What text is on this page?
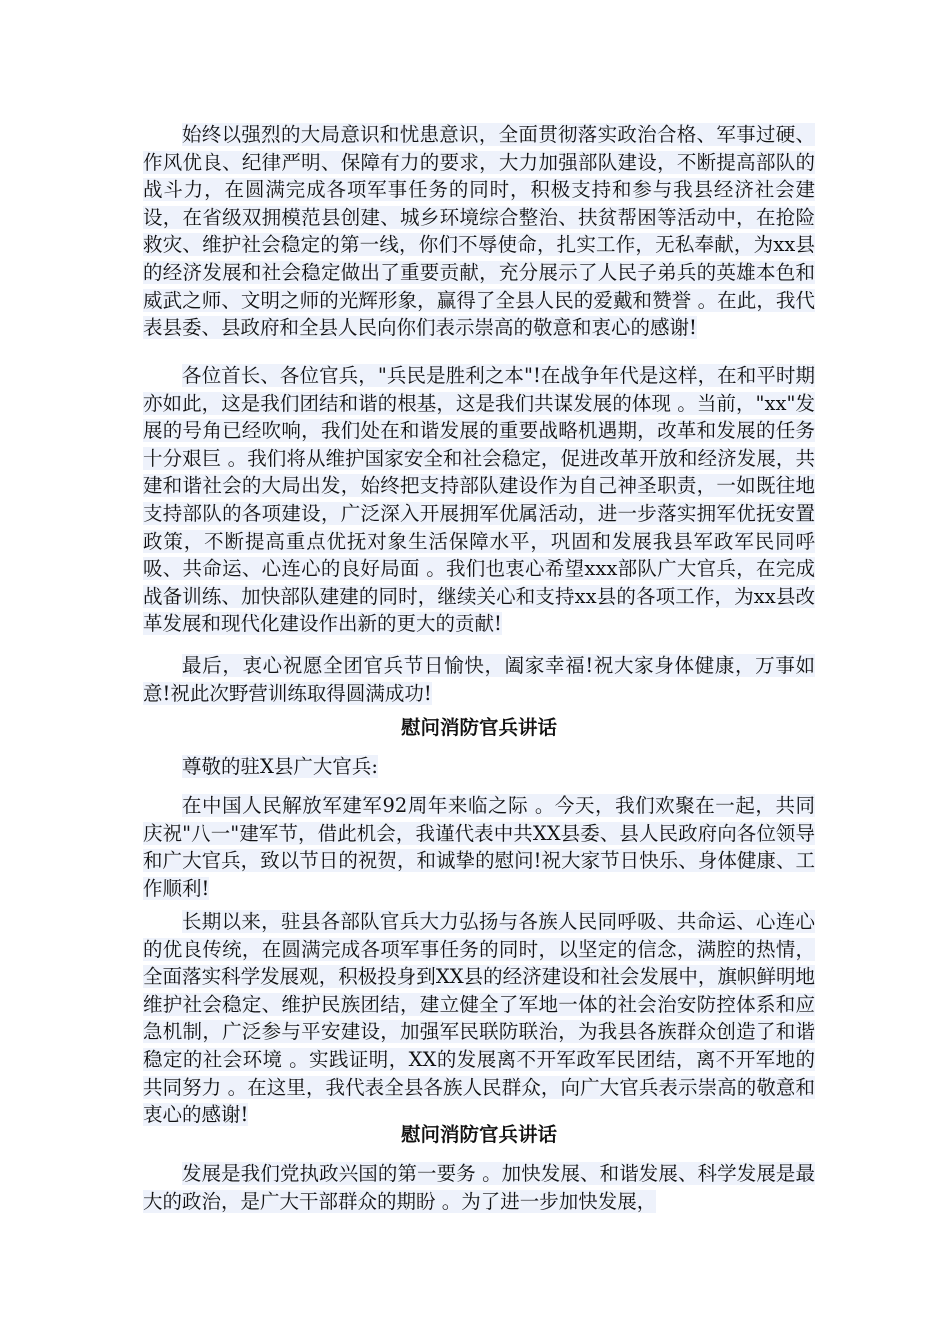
始终以强烈的大局意识和忧患意识，全面贯彻落实政治合格、军事过硬、作风优良、纪律严明、保障有力的要求，大力加强部队建设，不断提高部队的战斗力，在圆满完成各项军事任务的同时，积极支持和参与我县经济社会建设，在省级双拥模范县创建、城乡环境综合整治、扶贫帮困等活动中，在抢险救灾、维护社会稳定的第一线，你们不辱使命，扎实工作，无私奉献，为xx县的经济发展和社会稳定做出了重要贡献，充分展示了人民子弟兵的英雄本色和威武之师、文明之师的光辉形象，赢得了全县人民的爱戴和赞誉 。在此，我代表县委、县政府和全县人民向你们表示崇高的敬意和衷心的感谢!

各位首长、各位官兵，"兵民是胜利之本"!在战争年代是这样，在和平时期亦如此，这是我们团结和谐的根基，这是我们共谋发展的体现 。当前，"xx"发展的号角已经吹响，我们处在和谐发展的重要战略机遇期，改革和发展的任务十分艰巨 。我们将从维护国家安全和社会稳定，促进改革开放和经济发展，共建和谐社会的大局出发，始终把支持部队建设作为自己神圣职责，一如既往地支持部队的各项建设，广泛深入开展拥军优属活动，进一步落实拥军优抚安置政策，不断提高重点优抚对象生活保障水平，巩固和发展我县军政军民同呼吸、共命运、心连心的良好局面 。我们也衷心希望xxx部队广大官兵，在完成战备训练、加快部队建建的同时，继续关心和支持xx县的各项工作，为xx县改革发展和现代化建设作出新的更大的贡献!

最后，衷心祝愿全团官兵节日愉快，阖家幸福!祝大家身体健康，万事如意!祝此次野营训练取得圆满成功!

慰问消防官兵讲话

尊敬的驻X县广大官兵:

在中国人民解放军建军92周年来临之际 。今天，我们欢聚在一起，共同庆祝"八一"建军节，借此机会，我谨代表中共XX县委、县人民政府向各位领导和广大官兵，致以节日的祝贺，和诚挚的慰问!祝大家节日快乐、身体健康、工作顺利!

长期以来，驻县各部队官兵大力弘扬与各族人民同呼吸、共命运、心连心的优良传统，在圆满完成各项军事任务的同时，以坚定的信念，满腔的热情，全面落实科学发展观，积极投身到XX县的经济建设和社会发展中，旗帜鲜明地维护社会稳定、维护民族团结，建立健全了军地一体的社会治安防控体系和应急机制，广泛参与平安建设，加强军民联防联治，为我县各族群众创造了和谐稳定的社会环境 。实践证明，XX的发展离不开军政军民团结，离不开军地的共同努力 。在这里，我代表全县各族人民群众，向广大官兵表示崇高的敬意和衷心的感谢!

慰问消防官兵讲话

发展是我们党执政兴国的第一要务 。加快发展、和谐发展、科学发展是最大的政治，是广大干部群众的期盼 。为了进一步加快发展，
